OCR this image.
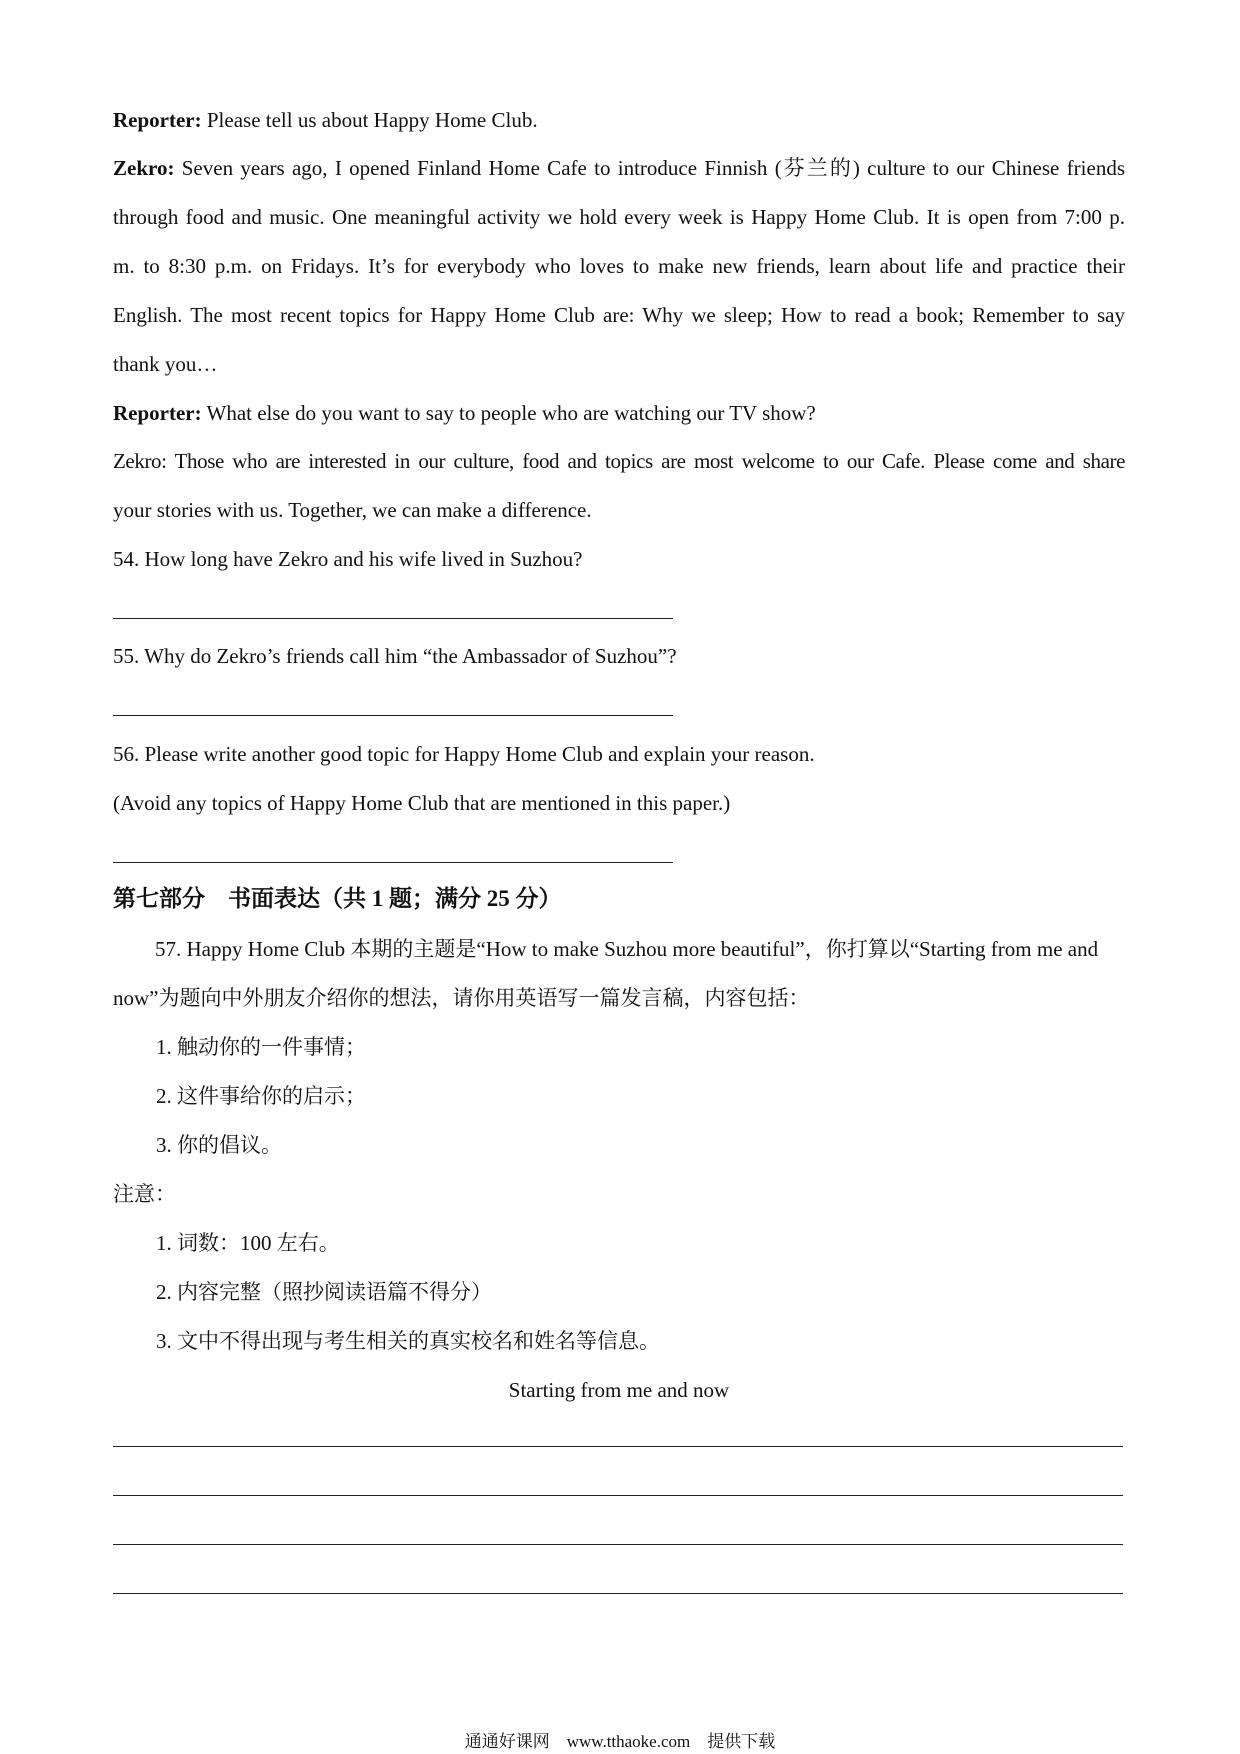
Reporter: Please tell us about Happy Home Club.
Zekro: Seven years ago, I opened Finland Home Cafe to introduce Finnish (芬兰的) culture to our Chinese friends
through food and music. One meaningful activity we hold every week is Happy Home Club. It is open from 7:00 p.
m. to 8:30 p.m. on Fridays. It’s for everybody who loves to make new friends, learn about life and practice their
English. The most recent topics for Happy Home Club are: Why we sleep; How to read a book; Remember to say
thank you…
Reporter: What else do you want to say to people who are watching our TV show?
Zekro: Those who are interested in our culture, food and topics are most welcome to our Cafe. Please come and share
your stories with us. Together, we can make a difference.
54. How long have Zekro and his wife lived in Suzhou?
55. Why do Zekro’s friends call him “the Ambassador of Suzhou”?
56. Please write another good topic for Happy Home Club and explain your reason.
(Avoid any topics of Happy Home Club that are mentioned in this paper.)
第七部分　书面表达（共 1 题；满分 25 分）
57. Happy Home Club 本期的主题是“How to make Suzhou more beautiful”，你打算以“Starting from me and
now”为题向中外朋友介绍你的想法，请你用英语写一篇发言稿，内容包括：
1. 触动你的一件事情；
2. 这件事给你的启示；
3. 你的倡议。
注意：
1. 词数：100 左右。
2. 内容完整（照抄阅读语篇不得分）
3. 文中不得出现与考生相关的真实校名和姓名等信息。
Starting from me and now
通通好课网　www.tthaoke.com　提供下载
